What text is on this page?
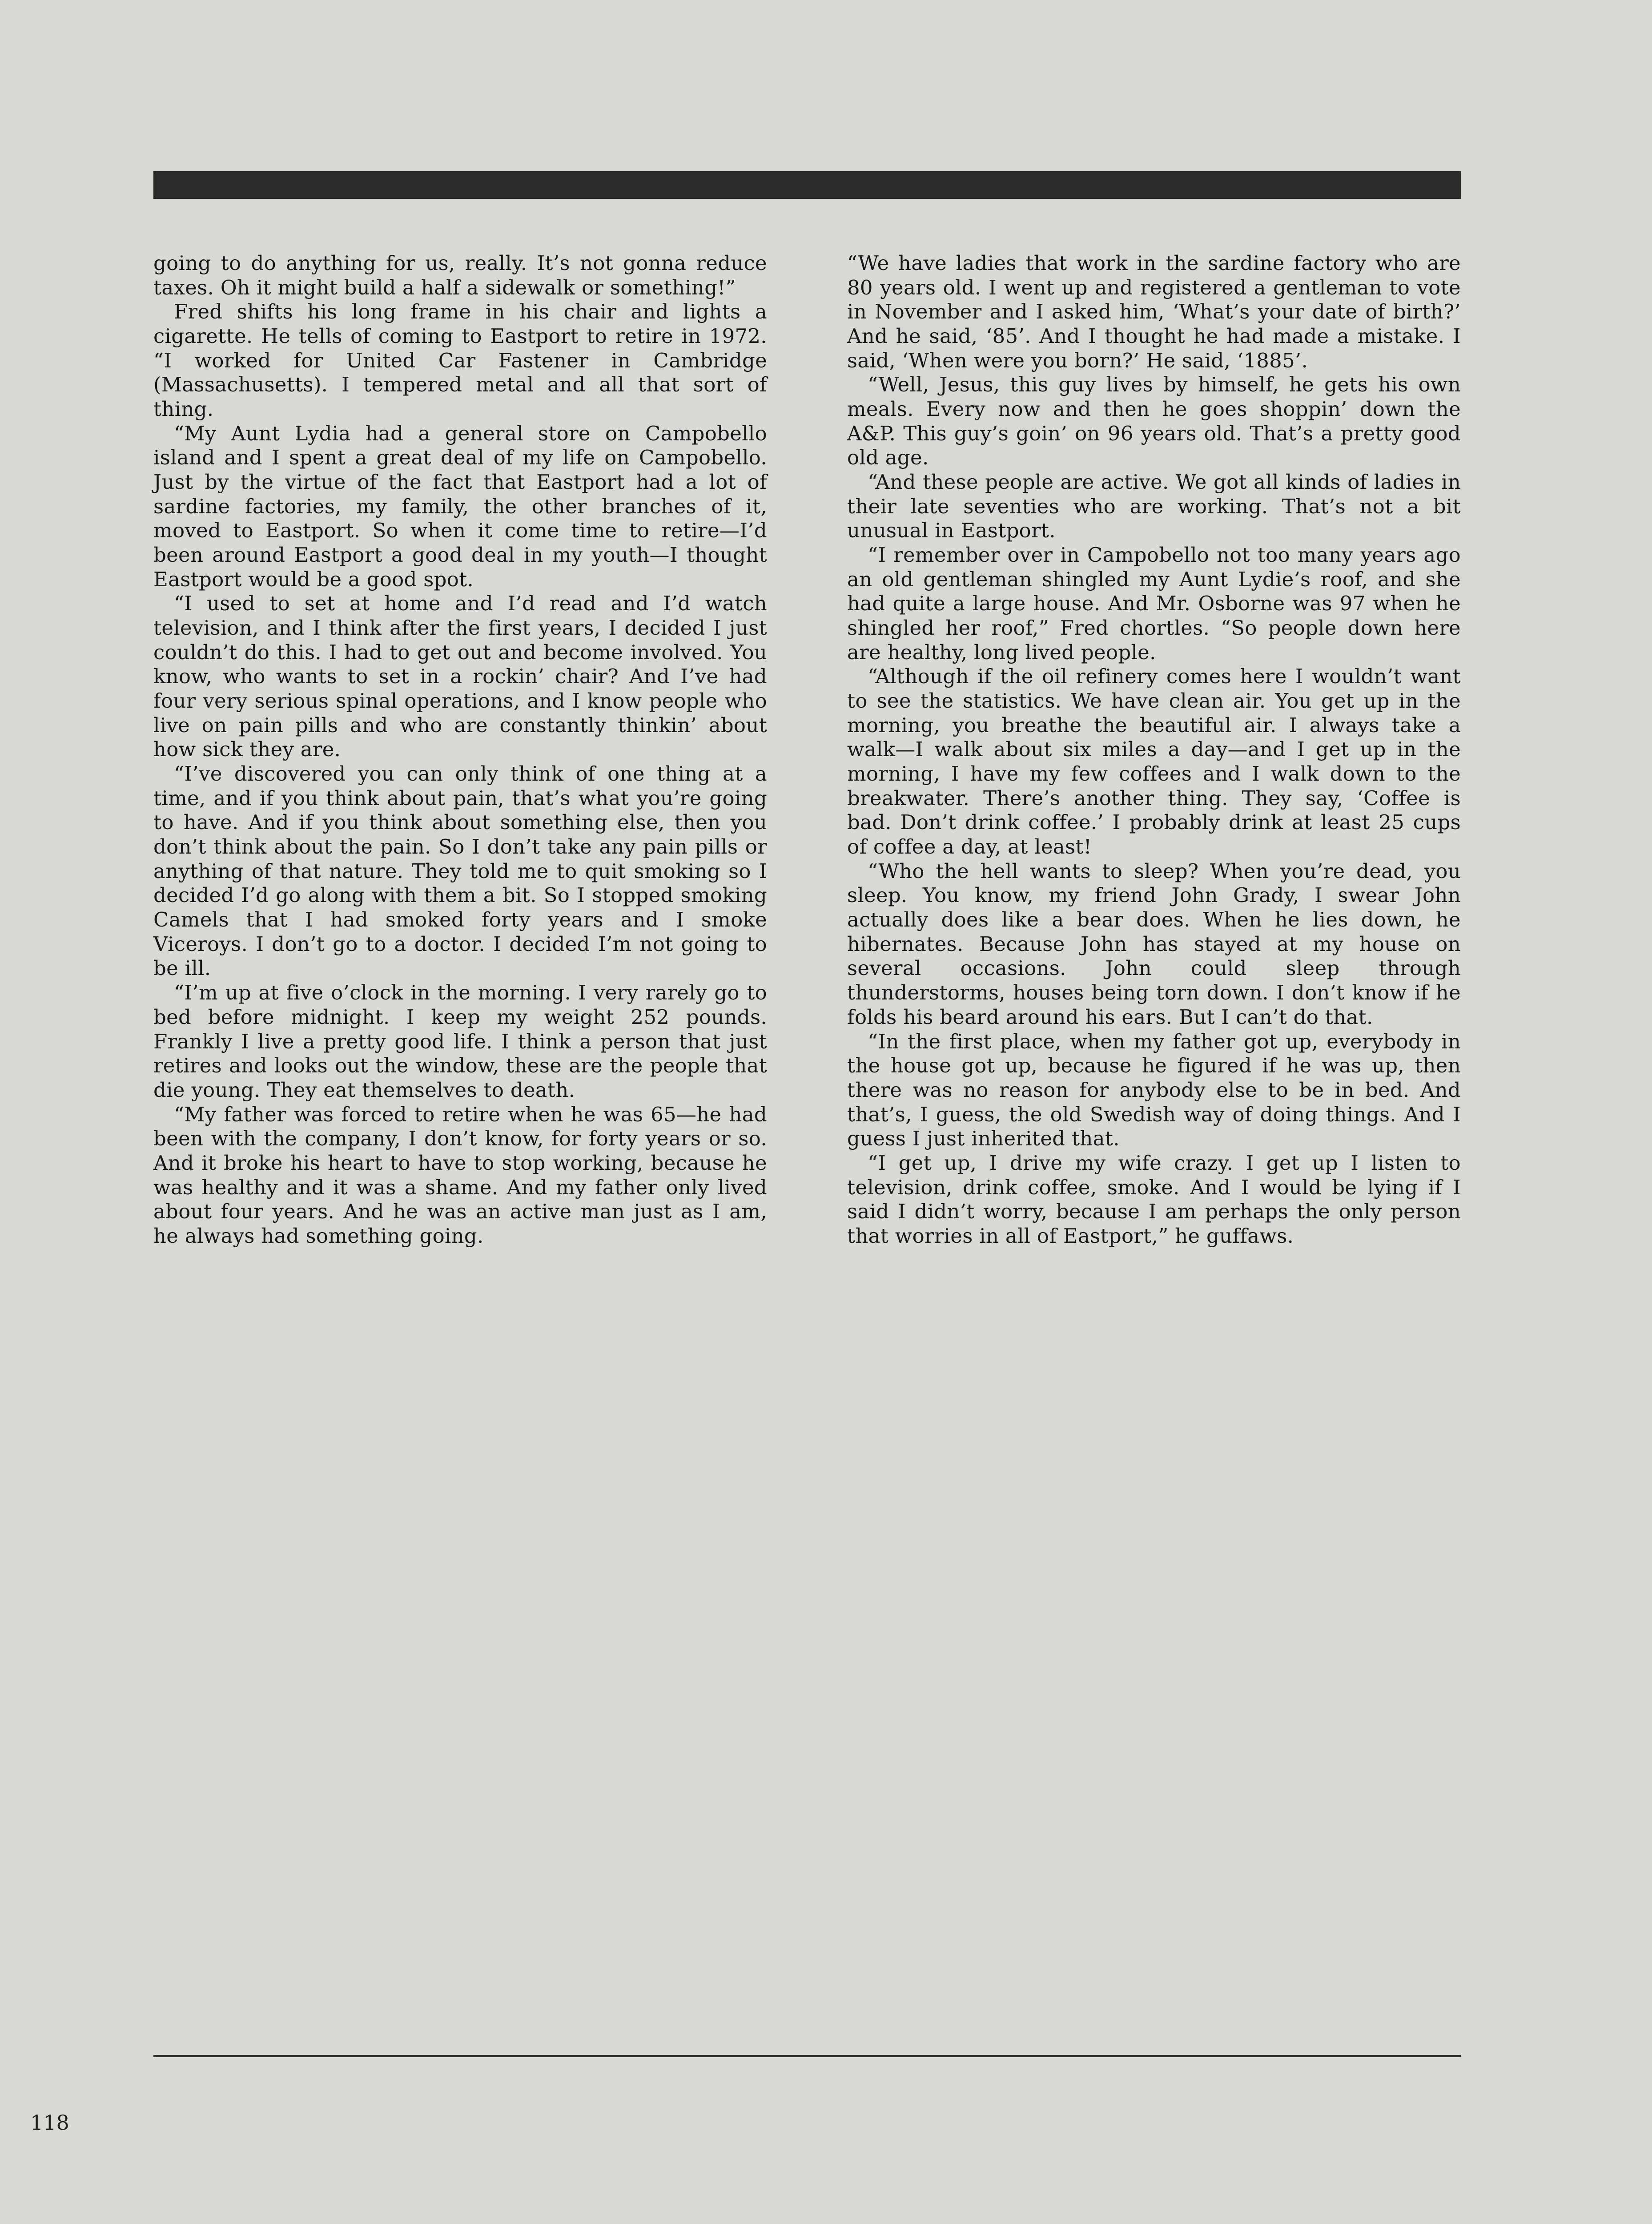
going to do anything for us, really. It’s not gonna reduce taxes. Oh it might build a half a sidewalk or something!”

Fred shifts his long frame in his chair and lights a cigarette. He tells of coming to Eastport to retire in 1972. “I worked for United Car Fastener in Cambridge (Massachusetts). I tempered metal and all that sort of thing.

“My Aunt Lydia had a general store on Campobello island and I spent a great deal of my life on Campobello. Just by the virtue of the fact that Eastport had a lot of sardine factories, my family, the other branches of it, moved to Eastport. So when it come time to retire—I’d been around Eastport a good deal in my youth—I thought Eastport would be a good spot.

“I used to set at home and I’d read and I’d watch television, and I think after the first years, I decided I just couldn’t do this. I had to get out and become involved. You know, who wants to set in a rockin’ chair? And I’ve had four very serious spinal operations, and I know people who live on pain pills and who are constantly thinkin’ about how sick they are.

“I’ve discovered you can only think of one thing at a time, and if you think about pain, that’s what you’re going to have. And if you think about something else, then you don’t think about the pain. So I don’t take any pain pills or anything of that nature. They told me to quit smoking so I decided I’d go along with them a bit. So I stopped smoking Camels that I had smoked forty years and I smoke Viceroys. I don’t go to a doctor. I decided I’m not going to be ill.

“I’m up at five o’clock in the morning. I very rarely go to bed before midnight. I keep my weight 252 pounds. Frankly I live a pretty good life. I think a person that just retires and looks out the window, these are the people that die young. They eat themselves to death.

“My father was forced to retire when he was 65—he had been with the company, I don’t know, for forty years or so. And it broke his heart to have to stop working, because he was healthy and it was a shame. And my father only lived about four years. And he was an active man just as I am, he always had something going.

“We have ladies that work in the sardine factory who are 80 years old. I went up and registered a gentleman to vote in November and I asked him, ‘What’s your date of birth?’ And he said, ‘85’. And I thought he had made a mistake. I said, ‘When were you born?’ He said, ‘1885’.

“Well, Jesus, this guy lives by himself, he gets his own meals. Every now and then he goes shoppin’ down the A&P. This guy’s goin’ on 96 years old. That’s a pretty good old age.

“And these people are active. We got all kinds of ladies in their late seventies who are working. That’s not a bit unusual in Eastport.

“I remember over in Campobello not too many years ago an old gentleman shingled my Aunt Lydie’s roof, and she had quite a large house. And Mr. Osborne was 97 when he shingled her roof,” Fred chortles. “So people down here are healthy, long lived people.

“Although if the oil refinery comes here I wouldn’t want to see the statistics. We have clean air. You get up in the morning, you breathe the beautiful air. I always take a walk—I walk about six miles a day—and I get up in the morning, I have my few coffees and I walk down to the breakwater. There’s another thing. They say, ‘Coffee is bad. Don’t drink coffee.’ I probably drink at least 25 cups of coffee a day, at least!

“Who the hell wants to sleep? When you’re dead, you sleep. You know, my friend John Grady, I swear John actually does like a bear does. When he lies down, he hibernates. Because John has stayed at my house on several occasions. John could sleep through thunderstorms, houses being torn down. I don’t know if he folds his beard around his ears. But I can’t do that.

“In the first place, when my father got up, everybody in the house got up, because he figured if he was up, then there was no reason for anybody else to be in bed. And that’s, I guess, the old Swedish way of doing things. And I guess I just inherited that.

“I get up, I drive my wife crazy. I get up I listen to television, drink coffee, smoke. And I would be lying if I said I didn’t worry, because I am perhaps the only person that worries in all of Eastport,” he guffaws.

118
